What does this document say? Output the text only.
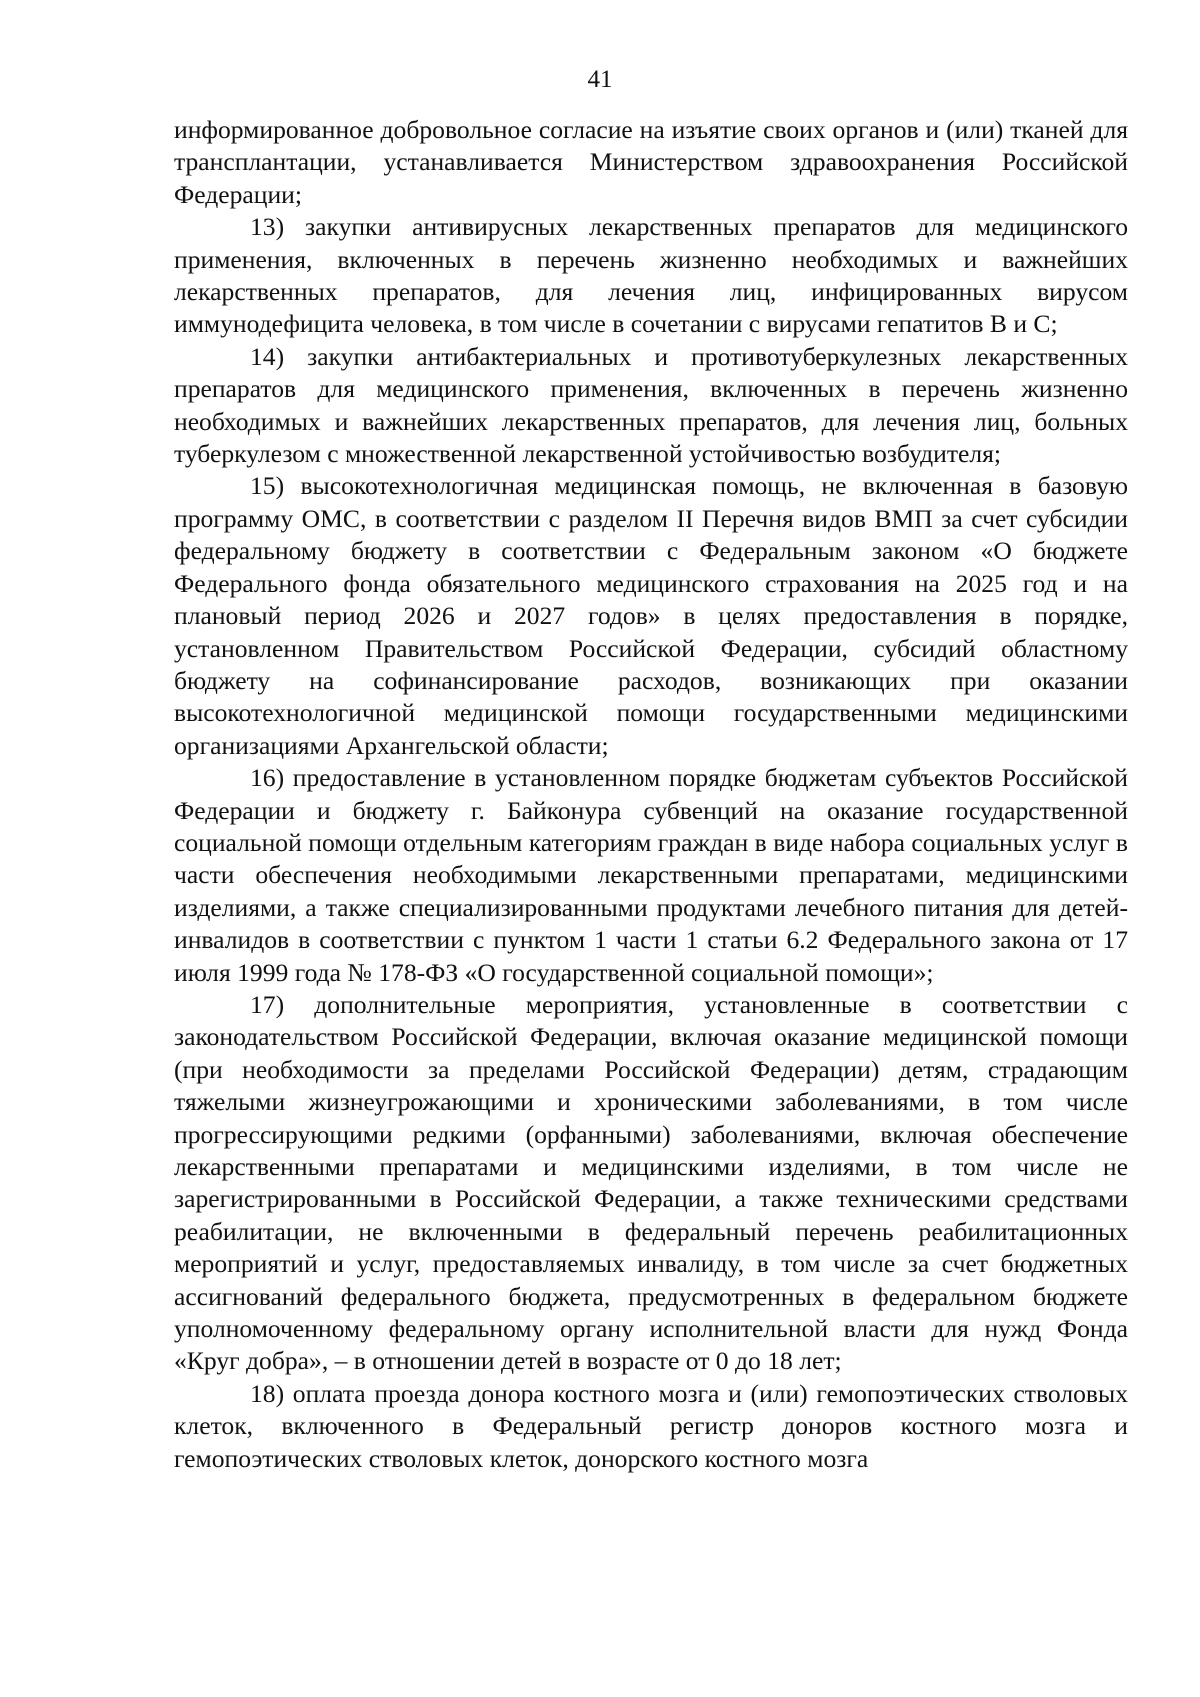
41

информированное добровольное согласие на изъятие своих органов и (или) тканей для трансплантации, устанавливается Министерством здравоохранения Российской Федерации;

13) закупки антивирусных лекарственных препаратов для медицинского применения, включенных в перечень жизненно необходимых и важнейших лекарственных препаратов, для лечения лиц, инфицированных вирусом иммунодефицита человека, в том числе в сочетании с вирусами гепатитов В и С;

14) закупки антибактериальных и противотуберкулезных лекарственных препаратов для медицинского применения, включенных в перечень жизненно необходимых и важнейших лекарственных препаратов, для лечения лиц, больных туберкулезом с множественной лекарственной устойчивостью возбудителя;

15) высокотехнологичная медицинская помощь, не включенная в базовую программу ОМС, в соответствии с разделом II Перечня видов ВМП за счет субсидии федеральному бюджету в соответствии с Федеральным законом «О бюджете Федерального фонда обязательного медицинского страхования на 2025 год и на плановый период 2026 и 2027 годов» в целях предоставления в порядке, установленном Правительством Российской Федерации, субсидий областному бюджету на софинансирование расходов, возникающих при оказании высокотехнологичной медицинской помощи государственными медицинскими организациями Архангельской области;

16) предоставление в установленном порядке бюджетам субъектов Российской Федерации и бюджету г. Байконура субвенций на оказание государственной социальной помощи отдельным категориям граждан в виде набора социальных услуг в части обеспечения необходимыми лекарственными препаратами, медицинскими изделиями, а также специализированными продуктами лечебного питания для детей-инвалидов в соответствии с пунктом 1 части 1 статьи 6.2 Федерального закона от 17 июля 1999 года № 178-ФЗ «О государственной социальной помощи»;

17) дополнительные мероприятия, установленные в соответствии с законодательством Российской Федерации, включая оказание медицинской помощи (при необходимости за пределами Российской Федерации) детям, страдающим тяжелыми жизнеугрожающими и хроническими заболеваниями, в том числе прогрессирующими редкими (орфанными) заболеваниями, включая обеспечение лекарственными препаратами и медицинскими изделиями, в том числе не зарегистрированными в Российской Федерации, а также техническими средствами реабилитации, не включенными в федеральный перечень реабилитационных мероприятий и услуг, предоставляемых инвалиду, в том числе за счет бюджетных ассигнований федерального бюджета, предусмотренных в федеральном бюджете уполномоченному федеральному органу исполнительной власти для нужд Фонда «Круг добра», – в отношении детей в возрасте от 0 до 18 лет;

18) оплата проезда донора костного мозга и (или) гемопоэтических стволовых клеток, включенного в Федеральный регистр доноров костного мозга и гемопоэтических стволовых клеток, донорского костного мозга
